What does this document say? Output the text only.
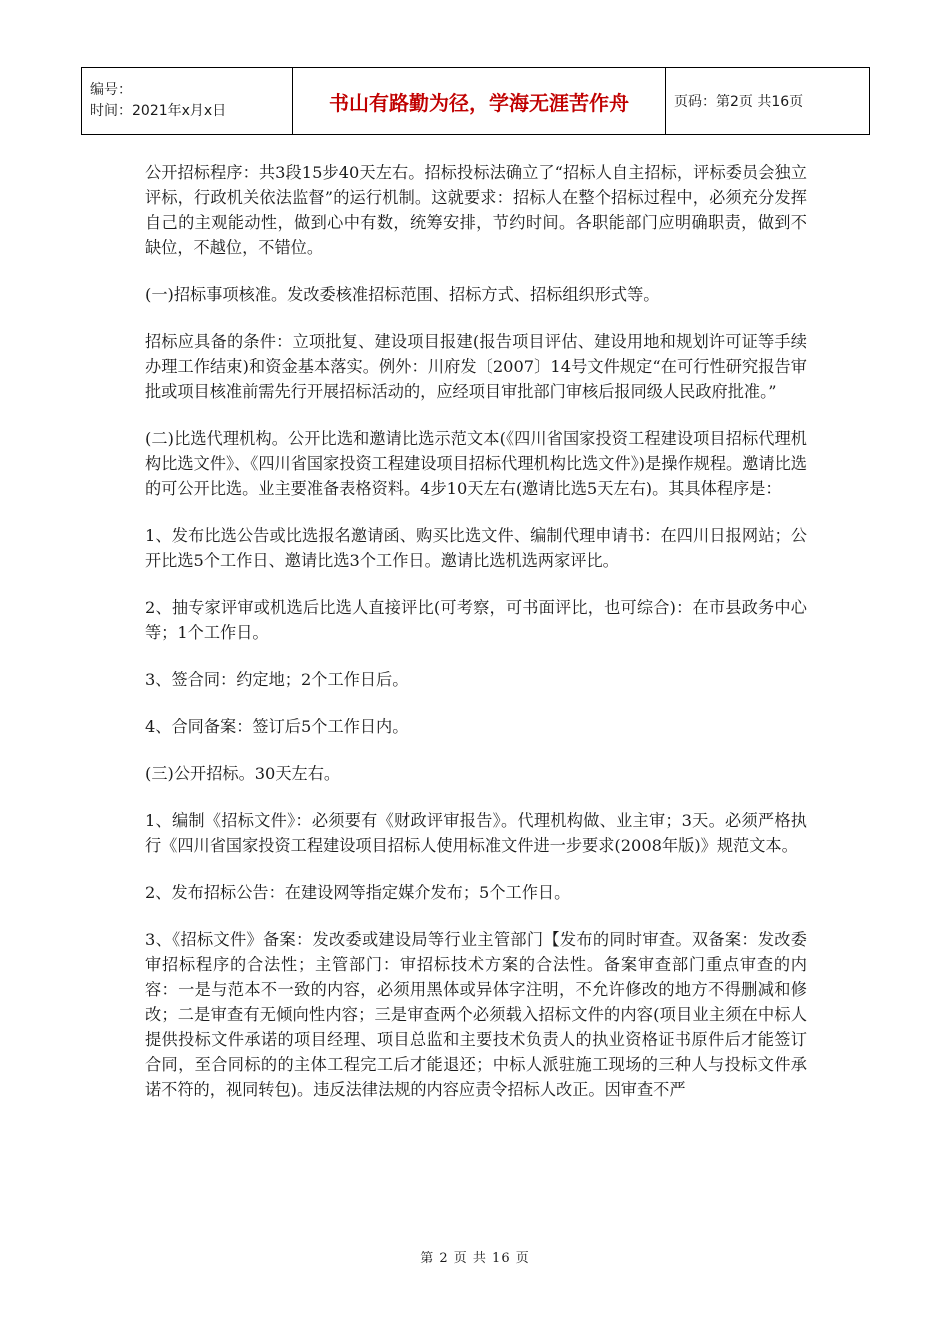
编号：
时间：2021年x月x日	书山有路勤为径，学海无涯苦作舟	页码：第2页 共16页

公开招标程序：共3段15步40天左右。招标投标法确立了“招标人自主招标，评标委员会独立评标，行政机关依法监督”的运行机制。这就要求：招标人在整个招标过程中，必须充分发挥自己的主观能动性，做到心中有数，统筹安排，节约时间。各职能部门应明确职责，做到不缺位，不越位，不错位。

(一)招标事项核准。发改委核准招标范围、招标方式、招标组织形式等。

招标应具备的条件：立项批复、建设项目报建(报告项目评估、建设用地和规划许可证等手续办理工作结束)和资金基本落实。例外：川府发〔2007〕14号文件规定“在可行性研究报告审批或项目核准前需先行开展招标活动的，应经项目审批部门审核后报同级人民政府批准。”

(二)比选代理机构。公开比选和邀请比选示范文本(《四川省国家投资工程建设项目招标代理机构比选文件》、《四川省国家投资工程建设项目招标代理机构比选文件》)是操作规程。邀请比选的可公开比选。业主要准备表格资料。4步10天左右(邀请比选5天左右)。其具体程序是：

1、发布比选公告或比选报名邀请函、购买比选文件、编制代理申请书：在四川日报网站；公开比选5个工作日、邀请比选3个工作日。邀请比选机选两家评比。

2、抽专家评审或机选后比选人直接评比(可考察，可书面评比，也可综合)：在市县政务中心等；1个工作日。

3、签合同：约定地；2个工作日后。

4、合同备案：签订后5个工作日内。

(三)公开招标。30天左右。

1、编制《招标文件》：必须要有《财政评审报告》。代理机构做、业主审；3天。必须严格执行《四川省国家投资工程建设项目招标人使用标准文件进一步要求(2008年版)》规范文本。

2、发布招标公告：在建设网等指定媒介发布；5个工作日。

3、《招标文件》备案：发改委或建设局等行业主管部门【发布的同时审查。双备案：发改委审招标程序的合法性；主管部门：审招标技术方案的合法性。备案审查部门重点审查的内容：一是与范本不一致的内容，必须用黑体或异体字注明，不允许修改的地方不得删减和修改；二是审查有无倾向性内容；三是审查两个必须载入招标文件的内容(项目业主须在中标人提供投标文件承诺的项目经理、项目总监和主要技术负责人的执业资格证书原件后才能签订合同，至合同标的的主体工程完工后才能退还；中标人派驻施工现场的三种人与投标文件承诺不符的，视同转包)。违反法律法规的内容应责令招标人改正。因审查不严

第 2 页 共 16 页
